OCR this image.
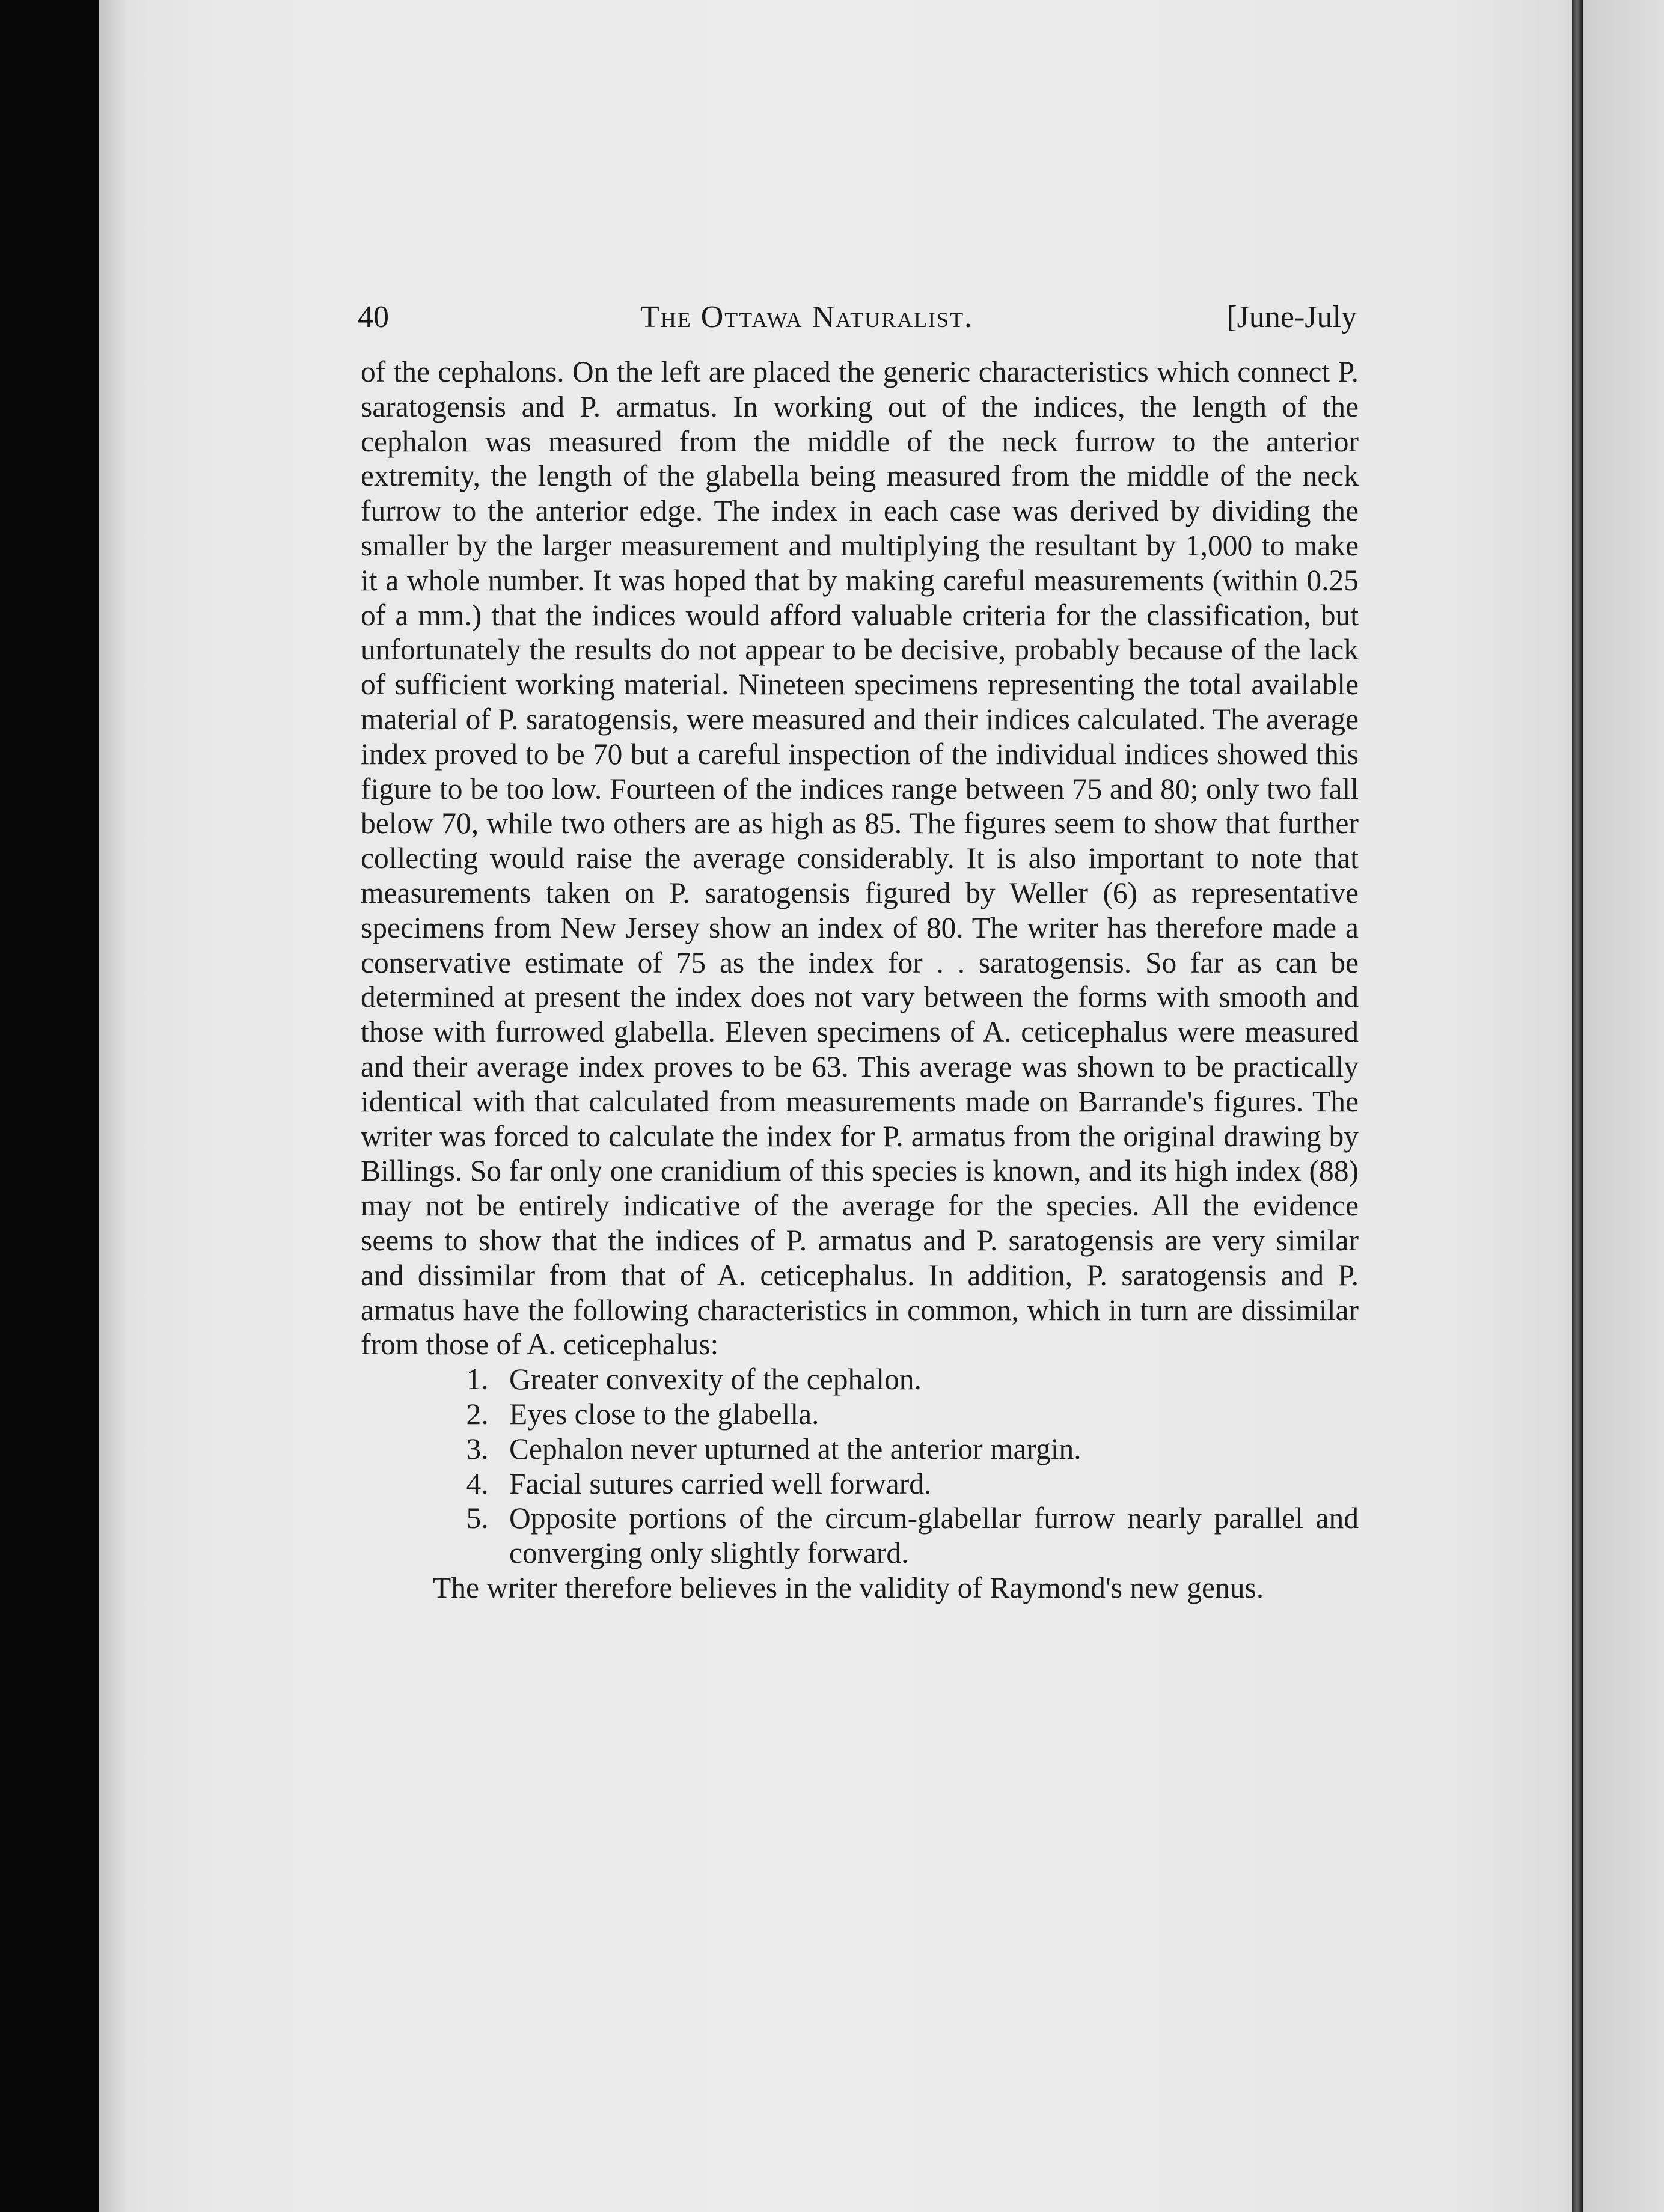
40	The Ottawa Naturalist.	[June-July

of the cephalons. On the left are placed the generic characteristics which connect P. saratogensis and P. armatus. In working out of the indices, the length of the cephalon was measured from the middle of the neck furrow to the anterior extremity, the length of the glabella being measured from the middle of the neck furrow to the anterior edge. The index in each case was derived by dividing the smaller by the larger measurement and multiplying the resultant by 1,000 to make it a whole number. It was hoped that by making careful measurements (within 0.25 of a mm.) that the indices would afford valuable criteria for the classification, but unfortunately the results do not appear to be decisive, probably because of the lack of sufficient working material. Nineteen specimens representing the total available material of P. saratogensis, were measured and their indices calculated. The average index proved to be 70 but a careful inspection of the individual indices showed this figure to be too low. Fourteen of the indices range between 75 and 80; only two fall below 70, while two others are as high as 85. The figures seem to show that further collecting would raise the average considerably. It is also important to note that measurements taken on P. saratogensis figured by Weller (6) as representative specimens from New Jersey show an index of 80. The writer has therefore made a conservative estimate of 75 as the index for . . saratogensis. So far as can be determined at present the index does not vary between the forms with smooth and those with furrowed glabella. Eleven specimens of A. ceticephalus were measured and their average index proves to be 63. This average was shown to be practically identical with that calculated from measurements made on Barrande's figures. The writer was forced to calculate the index for P. armatus from the original drawing by Billings. So far only one cranidium of this species is known, and its high index (88) may not be entirely indicative of the average for the species. All the evidence seems to show that the indices of P. armatus and P. saratogensis are very similar and dissimilar from that of A. ceticephalus. In addition, P. saratogensis and P. armatus have the following characteristics in common, which in turn are dissimilar from those of A. ceticephalus:

1. Greater convexity of the cephalon.
2. Eyes close to the glabella.
3. Cephalon never upturned at the anterior margin.
4. Facial sutures carried well forward.
5. Opposite portions of the circum-glabellar furrow nearly parallel and converging only slightly forward.

The writer therefore believes in the validity of Raymond's new genus.
